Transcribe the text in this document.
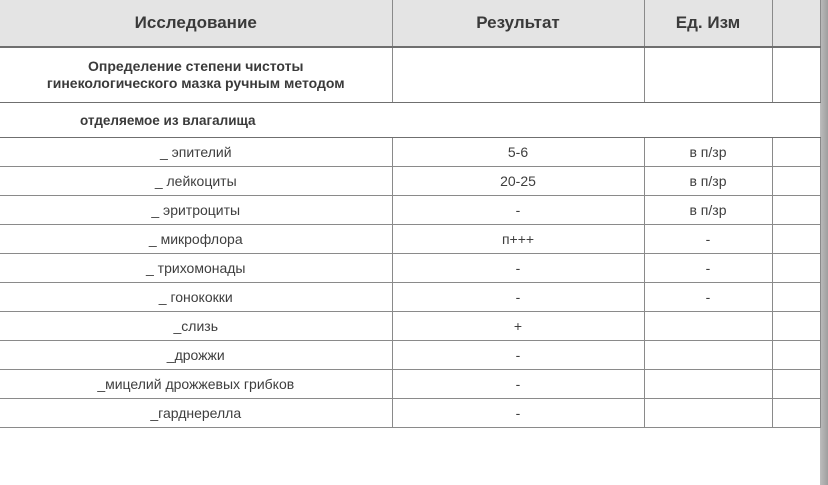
Исследование	Результат	Ед. Изм	

Определение степени чистоты
гинекологического мазка ручным методом			

отделяемое из влагалища			
_ эпителий	5-6	в п/зр	
_ лейкоциты	20-25	в п/зр	
_ эритроциты	-	в п/зр	
_ микрофлора	п+++	-	
_ трихомонады	-	-	
_ гонококки	-	-	
_слизь	+		
_дрожжи	-		
_мицелий дрожжевых грибков	-		
_гарднерелла	-		
